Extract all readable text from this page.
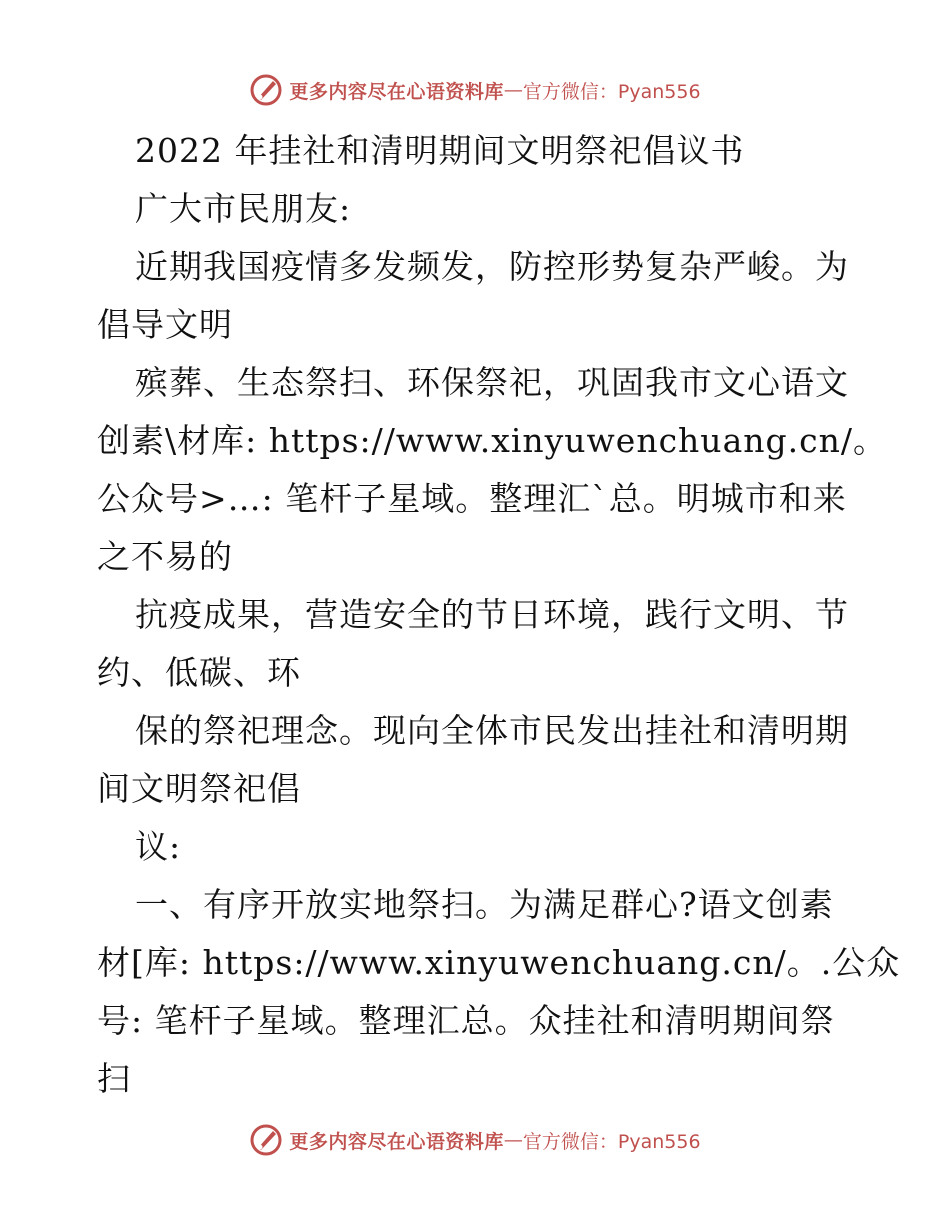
更多内容尽在心语资料库 — 官方微信：Pyan556
2022 年挂社和清明期间文明祭祀倡议书
广大市民朋友:
近期我国疫情多发频发，防控形势复杂严峻。为
倡导文明
殡葬、生态祭扫、环保祭祀，巩固我市文心语文
创素\材库: https://www.xinyuwenchuang.cn/。
公众号>…: 笔杆子星域。整理汇`总。明城市和来
之不易的
抗疫成果，营造安全的节日环境，践行文明、节
约、低碳、环
保的祭祀理念。现向全体市民发出挂社和清明期
间文明祭祀倡
议:
一、有序开放实地祭扫。为满足群心?语文创素
材[库: https://www.xinyuwenchuang.cn/。.公众
号: 笔杆子星域。整理汇总。众挂社和清明期间祭
扫
更多内容尽在心语资料库 — 官方微信：Pyan556
